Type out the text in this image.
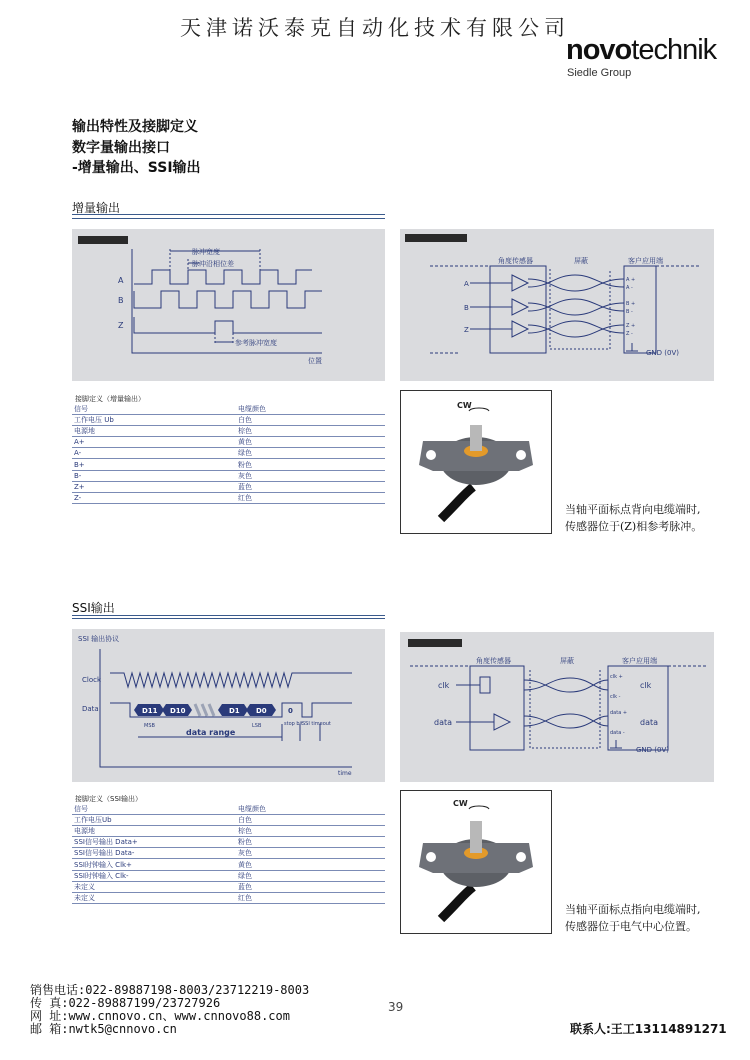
天津诺沃泰克自动化技术有限公司
novotechnik
Siedle Group
输出特性及接脚定义
数字量输出接口
-增量输出、SSI输出
增量输出
脉冲宽度
脉冲沿相位差
参考脉冲宽度
位置
A
B
Z
角度传感器	屏蔽	客户应用端
A
B
Z
A +
A -
B +
B -
Z +
Z -
GND (0V)
接脚定义（增量输出）
信号	电缆颜色
工作电压 Ub	白色
电源地	棕色
A+	黄色
A-	绿色
B+	粉色
B-	灰色
Z+	蓝色
Z-	红色
CW
当轴平面标点背向电缆端时,
传感器位于(Z)相参考脉冲。
SSI输出
SSI 输出协议
Clock
Data	D11 D10	D1 D0	0
MSB	LSB	stop bit SSI timeout
data range
time
角度传感器	屏蔽	客户应用端
clk
data
clk +
clk -
clk
data +
data -
data
GND (0V)
接脚定义（SSI输出）
信号	电缆颜色
工作电压Ub	白色
电源地	棕色
SSI信号输出 Data+	粉色
SSI信号输出 Data-	灰色
SSI时钟输入 Clk+	黄色
SSI时钟输入 Clk-	绿色
未定义	蓝色
未定义	红色
CW
当轴平面标点指向电缆端时,
传感器位于电气中心位置。
销售电话:022-89887198-8003/23712219-8003
传 真:022-89887199/23727926
网 址:www.cnnovo.cn、www.cnnovo88.com
邮 箱:nwtk5@cnnovo.cn
39
联系人:王工13114891271
